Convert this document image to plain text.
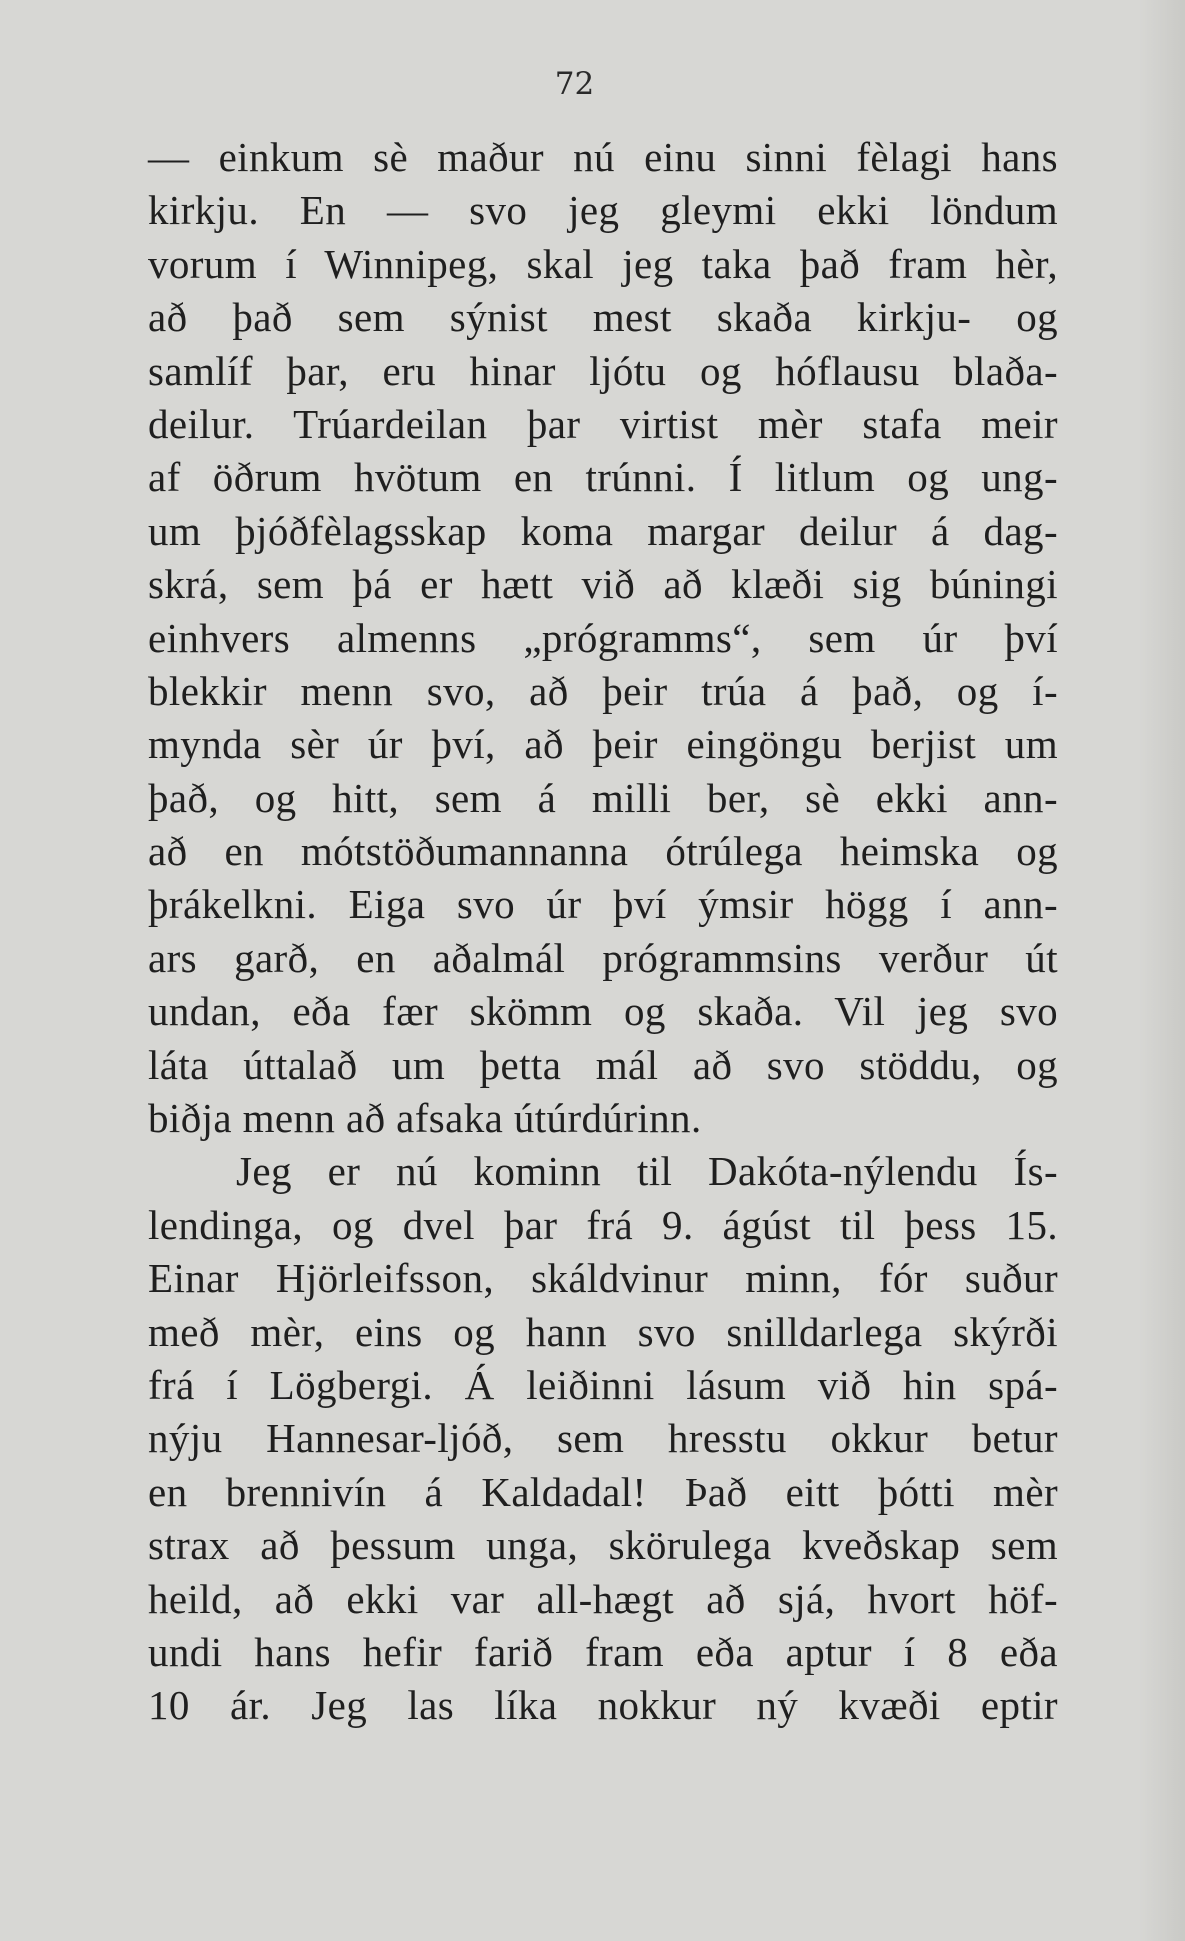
72
— einkum sè maður nú einu sinni fèlagi hans
kirkju. En — svo jeg gleymi ekki löndum
vorum í Winnipeg, skal jeg taka það fram hèr,
að það sem sýnist mest skaða kirkju- og
samlíf þar, eru hinar ljótu og hóflausu blaða-
deilur. Trúardeilan þar virtist mèr stafa meir
af öðrum hvötum en trúnni. Í litlum og ung-
um þjóðfèlagsskap koma margar deilur á dag-
skrá, sem þá er hætt við að klæði sig búningi
einhvers almenns „prógramms“, sem úr því
blekkir menn svo, að þeir trúa á það, og í-
mynda sèr úr því, að þeir eingöngu berjist um
það, og hitt, sem á milli ber, sè ekki ann-
að en mótstöðumannanna ótrúlega heimska og
þrákelkni. Eiga svo úr því ýmsir högg í ann-
ars garð, en aðalmál prógrammsins verður út
undan, eða fær skömm og skaða. Vil jeg svo
láta úttalað um þetta mál að svo stöddu, og
biðja menn að afsaka útúrdúrinn.
Jeg er nú kominn til Dakóta-nýlendu Ís-
lendinga, og dvel þar frá 9. ágúst til þess 15.
Einar Hjörleifsson, skáldvinur minn, fór suður
með mèr, eins og hann svo snilldarlega skýrði
frá í Lögbergi. Á leiðinni lásum við hin spá-
nýju Hannesar-ljóð, sem hresstu okkur betur
en brennivín á Kaldadal! Það eitt þótti mèr
strax að þessum unga, skörulega kveðskap sem
heild, að ekki var all-hægt að sjá, hvort höf-
undi hans hefir farið fram eða aptur í 8 eða
10 ár. Jeg las líka nokkur ný kvæði eptir
